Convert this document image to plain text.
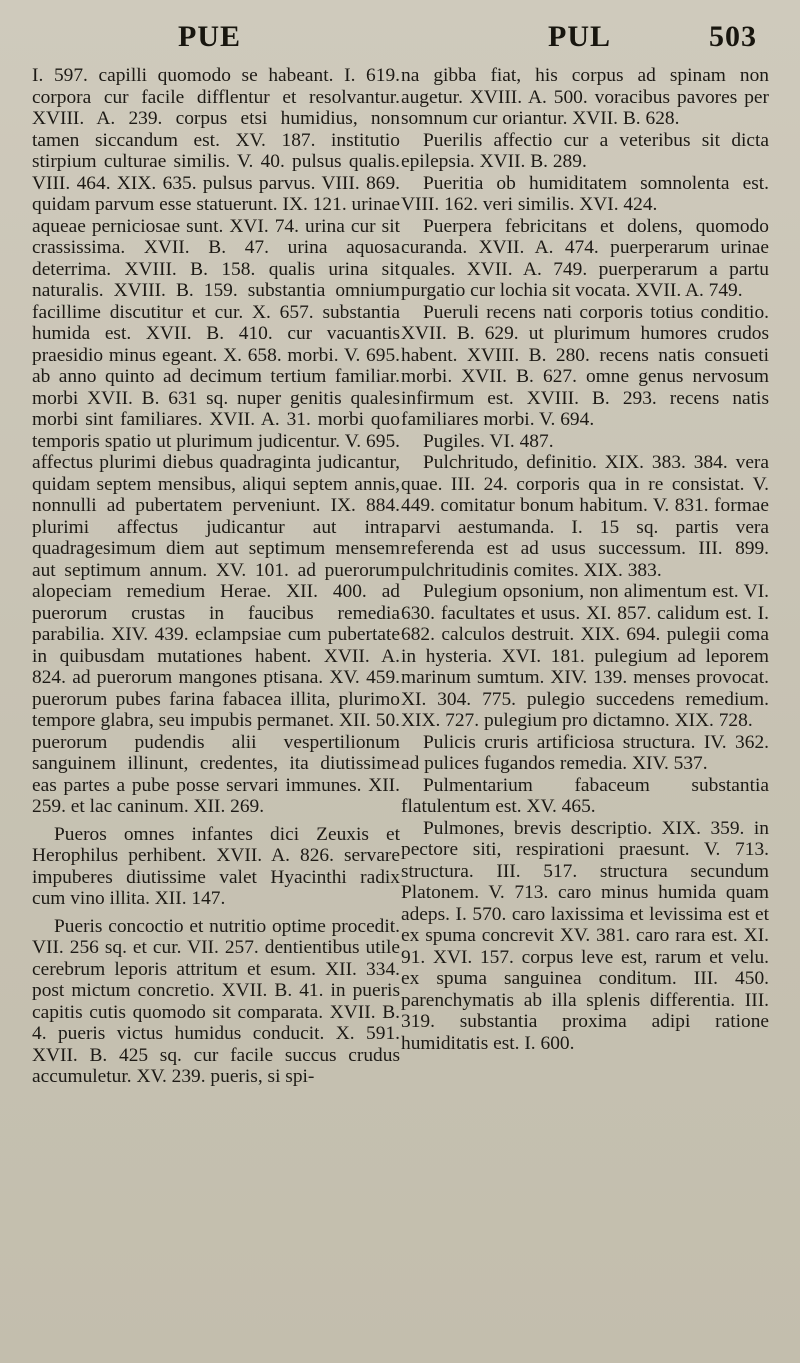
PUE	PUL	503

I. 597. capilli quomodo se habeant. I. 619. corpora cur facile difflentur et resolvantur. XVIII. A. 239. corpus etsi humidius, non tamen siccandum est. XV. 187. institutio stirpium culturae similis. V. 40. pulsus qualis. VIII. 464. XIX. 635. pulsus parvus. VIII. 869. quidam parvum esse statuerunt. IX. 121. urinae aqueae perniciosae sunt. XVI. 74. urina cur sit crassissima. XVII. B. 47. urina aquosa deterrima. XVIII. B. 158. qualis urina sit naturalis. XVIII. B. 159. substantia omnium facillime discutitur et cur. X. 657. substantia humida est. XVII. B. 410. cur vacuantis praesidio minus egeant. X. 658. morbi. V. 695. ab anno quinto ad decimum tertium familiar. morbi XVII. B. 631 sq. nuper genitis quales morbi sint familiares. XVII. A. 31. morbi quo temporis spatio ut plurimum judicentur. V. 695. affectus plurimi diebus quadraginta judicantur, quidam septem mensibus, aliqui septem annis, nonnulli ad pubertatem perveniunt. IX. 884. plurimi affectus judicantur aut intra quadragesimum diem aut septimum mensem aut septimum annum. XV. 101. ad puerorum alopeciam remedium Herae. XII. 400. ad puerorum crustas in faucibus remedia parabilia. XIV. 439. eclampsiae cum pubertate in quibusdam mutationes habent. XVII. A. 824. ad puerorum mangones ptisana. XV. 459. puerorum pubes farina fabacea illita, plurimo tempore glabra, seu impubis permanet. XII. 50. puerorum pudendis alii vespertilionum sanguinem illinunt, credentes, ita diutissime eas partes a pube posse servari immunes. XII. 259. et lac caninum. XII. 269.

Pueros omnes infantes dici Zeuxis et Herophilus perhibent. XVII. A. 826. servare impuberes diutissime valet Hyacinthi radix cum vino illita. XII. 147.

Pueris concoctio et nutritio optime procedit. VII. 256 sq. et cur. VII. 257. dentientibus utile cerebrum leporis attritum et esum. XII. 334. post mictum concretio. XVII. B. 41. in pueris capitis cutis quomodo sit comparata. XVII. B. 4. pueris victus humidus conducit. X. 591. XVII. B. 425 sq. cur facile succus crudus accumuletur. XV. 239. pueris, si spi-

na gibba fiat, his corpus ad spinam non augetur. XVIII. A. 500. voracibus pavores per somnum cur oriantur. XVII. B. 628.

Puerilis affectio cur a veteribus sit dicta epilepsia. XVII. B. 289.

Pueritia ob humiditatem somnolenta est. VIII. 162. veri similis. XVI. 424.

Puerpera febricitans et dolens, quomodo curanda. XVII. A. 474. puerperarum urinae quales. XVII. A. 749. puerperarum a partu purgatio cur lochia sit vocata. XVII. A. 749.

Pueruli recens nati corporis totius conditio. XVII. B. 629. ut plurimum humores crudos habent. XVIII. B. 280. recens natis consueti morbi. XVII. B. 627. omne genus nervosum infirmum est. XVIII. B. 293. recens natis familiares morbi. V. 694.

Pugiles. VI. 487.

Pulchritudo, definitio. XIX. 383. 384. vera quae. III. 24. corporis qua in re consistat. V. 449. comitatur bonum habitum. V. 831. formae parvi aestumanda. I. 15 sq. partis vera referenda est ad usus successum. III. 899. pulchritudinis comites. XIX. 383.

Pulegium opsonium, non alimentum est. VI. 630. facultates et usus. XI. 857. calidum est. I. 682. calculos destruit. XIX. 694. pulegii coma in hysteria. XVI. 181. pulegium ad leporem marinum sumtum. XIV. 139. menses provocat. XI. 304. 775. pulegio succedens remedium. XIX. 727. pulegium pro dictamno. XIX. 728.

Pulicis cruris artificiosa structura. IV. 362. ad pulices fugandos remedia. XIV. 537.

Pulmentarium fabaceum substantia flatulentum est. XV. 465.

Pulmones, brevis descriptio. XIX. 359. in pectore siti, respirationi praesunt. V. 713. structura. III. 517. structura secundum Platonem. V. 713. caro minus humida quam adeps. I. 570. caro laxissima et levissima est et ex spuma concrevit XV. 381. caro rara est. XI. 91. XVI. 157. corpus leve est, rarum et velu. ex spuma sanguinea conditum. III. 450. parenchymatis ab illa splenis differentia. III. 319. substantia proxima adipi ratione humiditatis est. I. 600.
